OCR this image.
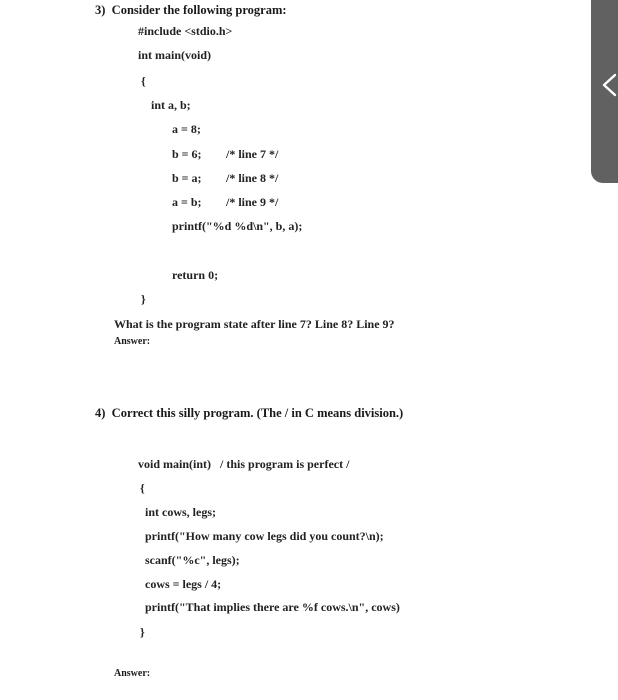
3)  Consider the following program:
#include <stdio.h>
int main(void)
{
int a, b;
a = 8;
b = 6; /* line 7 */
b = a; /* line 8 */
a = b; /* line 9 */
printf("%d %d\n", b, a);
return 0;
}
What is the program state after line 7? Line 8? Line 9?
Answer:
4)  Correct this silly program. (The / in C means division.)
void main(int)   / this program is perfect /
{
int cows, legs;
printf("How many cow legs did you count?\n);
scanf("%c", legs);
cows = legs / 4;
printf("That implies there are %f cows.\n", cows)
}
Answer:
